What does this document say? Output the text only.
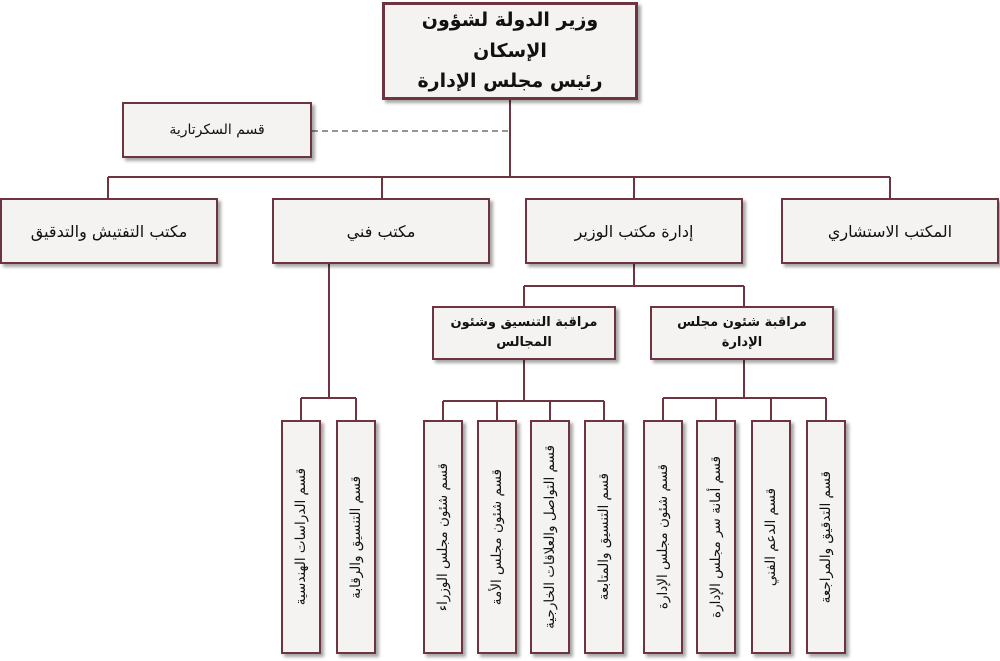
وزير الدولة لشؤون الإسكان
رئيس مجلس الإدارة
قسم السكرتارية
المكتب الاستشاري
إدارة مكتب الوزير
مكتب فني
مكتب التفتيش والتدقيق
مراقبة شئون مجلس الإدارة
مراقبة التنسيق وشئون المجالس
قسم التدقيق والمراجعة
قسم الدعم الفني
قسم أمانة سر مجلس الإدارة
قسم شئون مجلس الإدارة
قسم التنسيق والمتابعة
قسم التواصل والعلاقات الخارجية
قسم شئون مجلس الأمة
قسم شئون مجلس الوزراء
قسم التنسيق والرقابة
قسم الدراسات الهندسية
